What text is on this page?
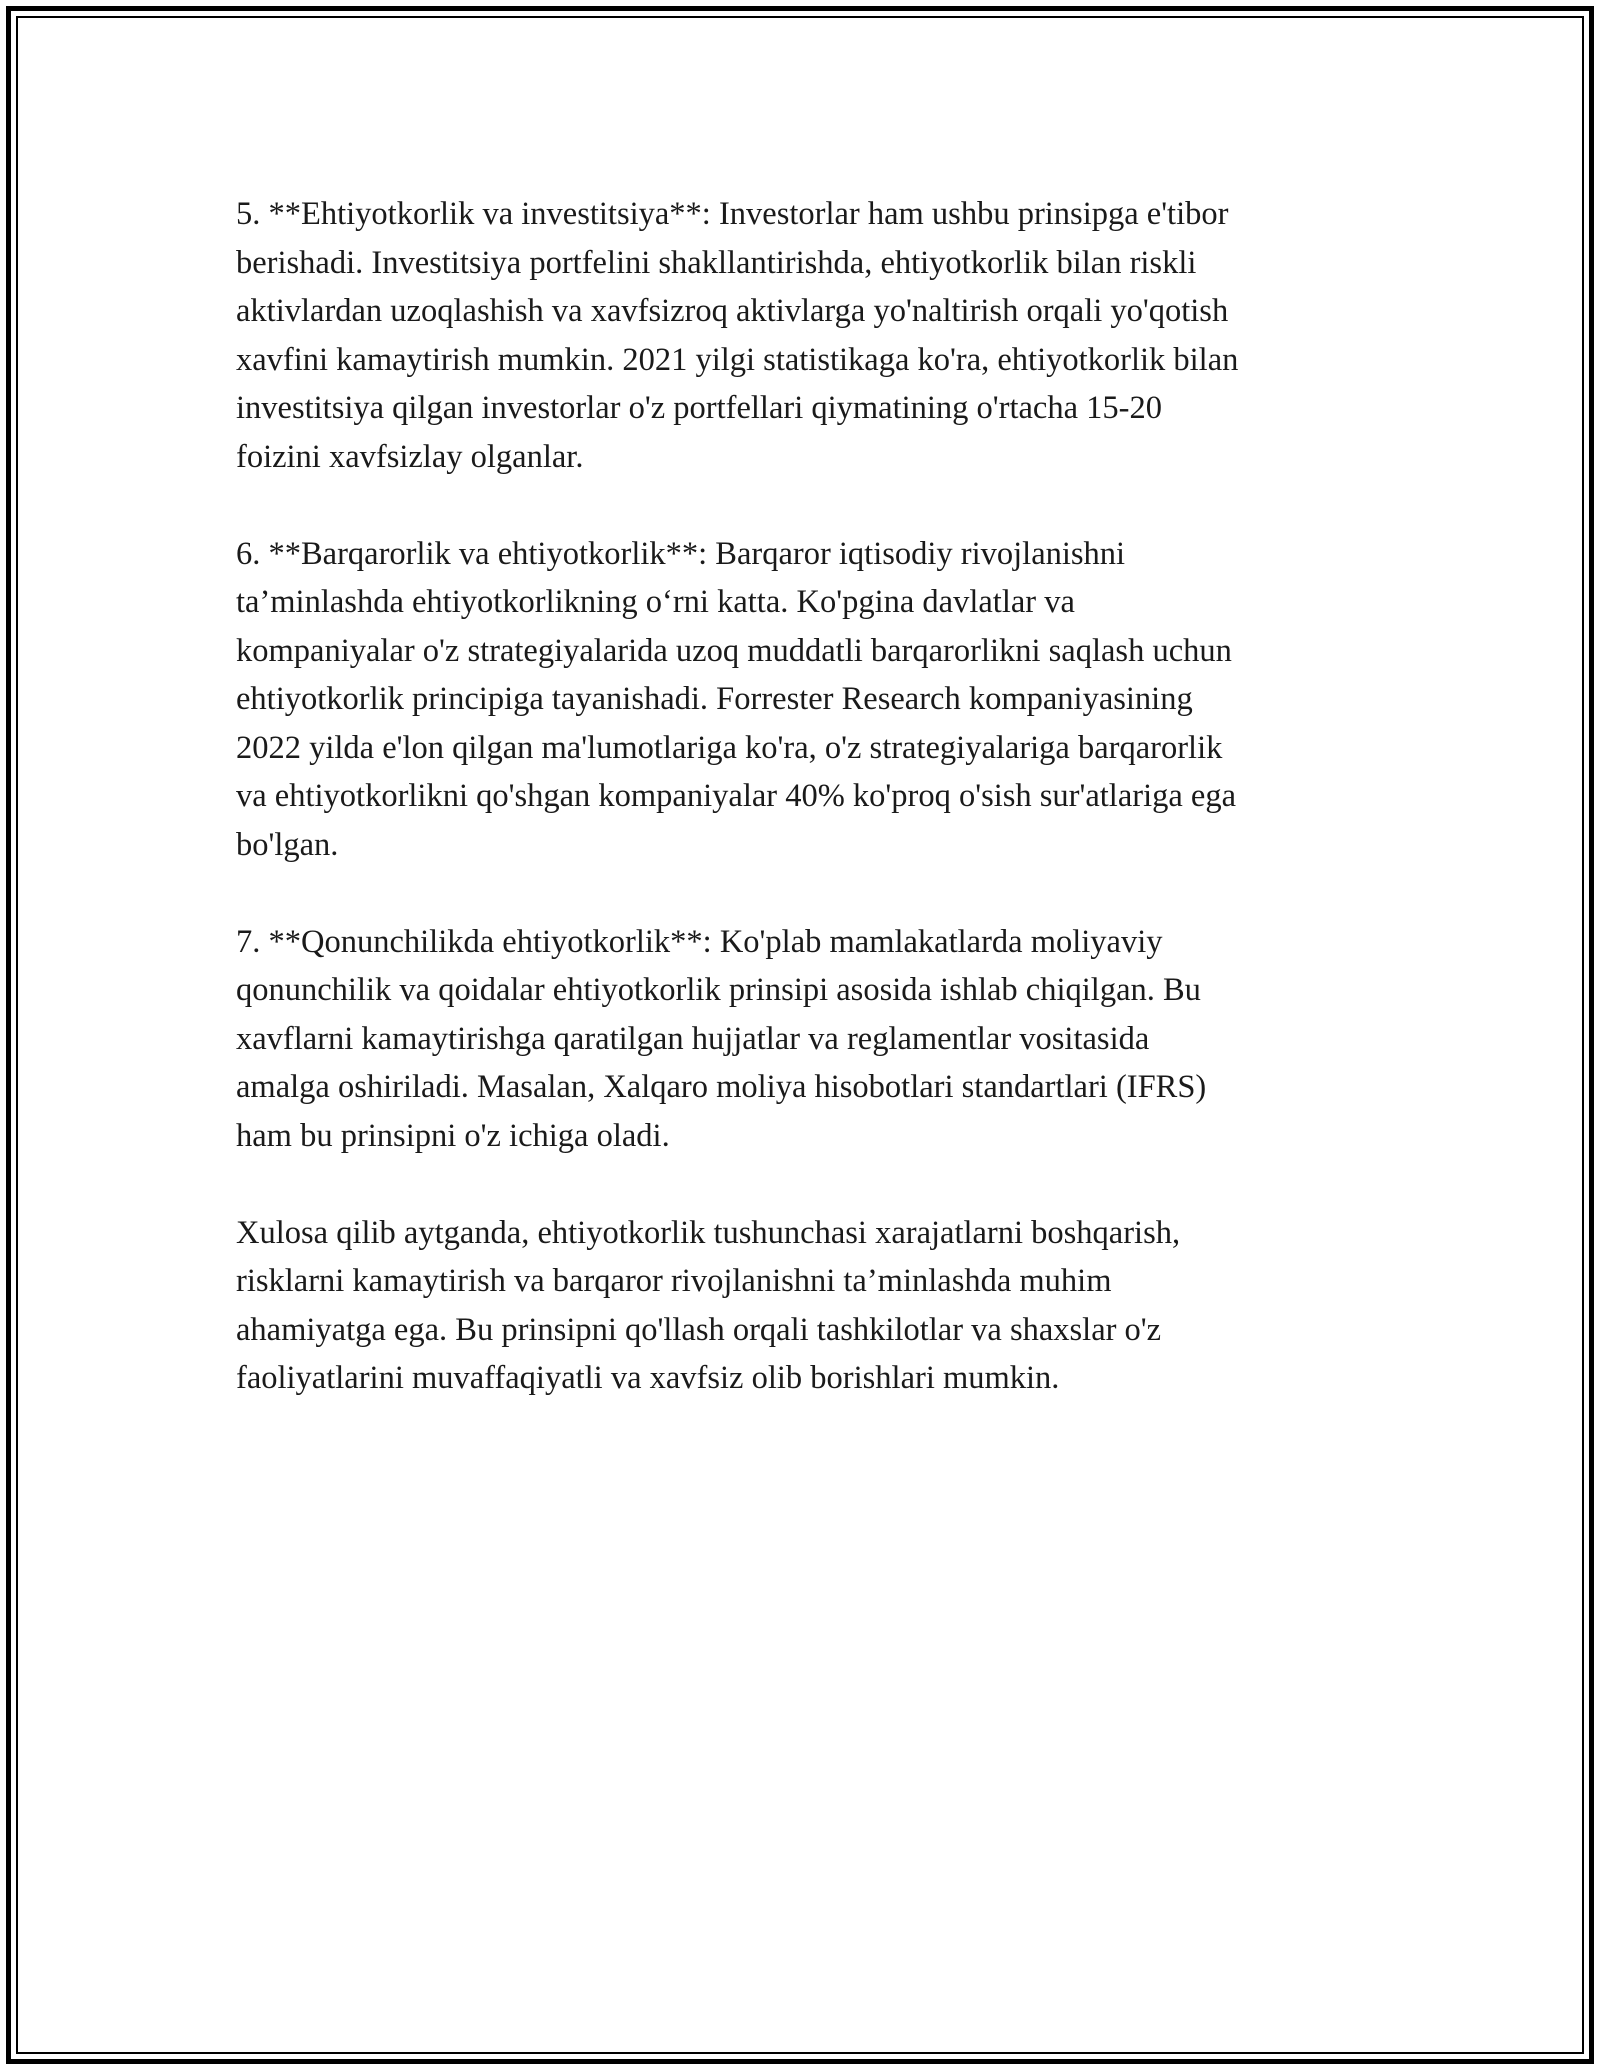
5. **Ehtiyotkorlik va investitsiya**: Investorlar ham ushbu prinsipga e'tibor
berishadi. Investitsiya portfelini shakllantirishda, ehtiyotkorlik bilan riskli
aktivlardan uzoqlashish va xavfsizroq aktivlarga yo'naltirish orqali yo'qotish
xavfini kamaytirish mumkin. 2021 yilgi statistikaga ko'ra, ehtiyotkorlik bilan
investitsiya qilgan investorlar o'z portfellari qiymatining o'rtacha 15-20
foizini xavfsizlay olganlar.
6. **Barqarorlik va ehtiyotkorlik**: Barqaror iqtisodiy rivojlanishni
ta’minlashda ehtiyotkorlikning o‘rni katta. Ko'pgina davlatlar va
kompaniyalar o'z strategiyalarida uzoq muddatli barqarorlikni saqlash uchun
ehtiyotkorlik principiga tayanishadi. Forrester Research kompaniyasining
2022 yilda e'lon qilgan ma'lumotlariga ko'ra, o'z strategiyalariga barqarorlik
va ehtiyotkorlikni qo'shgan kompaniyalar 40% ko'proq o'sish sur'atlariga ega
bo'lgan.
7. **Qonunchilikda ehtiyotkorlik**: Ko'plab mamlakatlarda moliyaviy
qonunchilik va qoidalar ehtiyotkorlik prinsipi asosida ishlab chiqilgan. Bu
xavflarni kamaytirishga qaratilgan hujjatlar va reglamentlar vositasida
amalga oshiriladi. Masalan, Xalqaro moliya hisobotlari standartlari (IFRS)
ham bu prinsipni o'z ichiga oladi.
Xulosa qilib aytganda, ehtiyotkorlik tushunchasi xarajatlarni boshqarish,
risklarni kamaytirish va barqaror rivojlanishni ta’minlashda muhim
ahamiyatga ega. Bu prinsipni qo'llash orqali tashkilotlar va shaxslar o'z
faoliyatlarini muvaffaqiyatli va xavfsiz olib borishlari mumkin.
